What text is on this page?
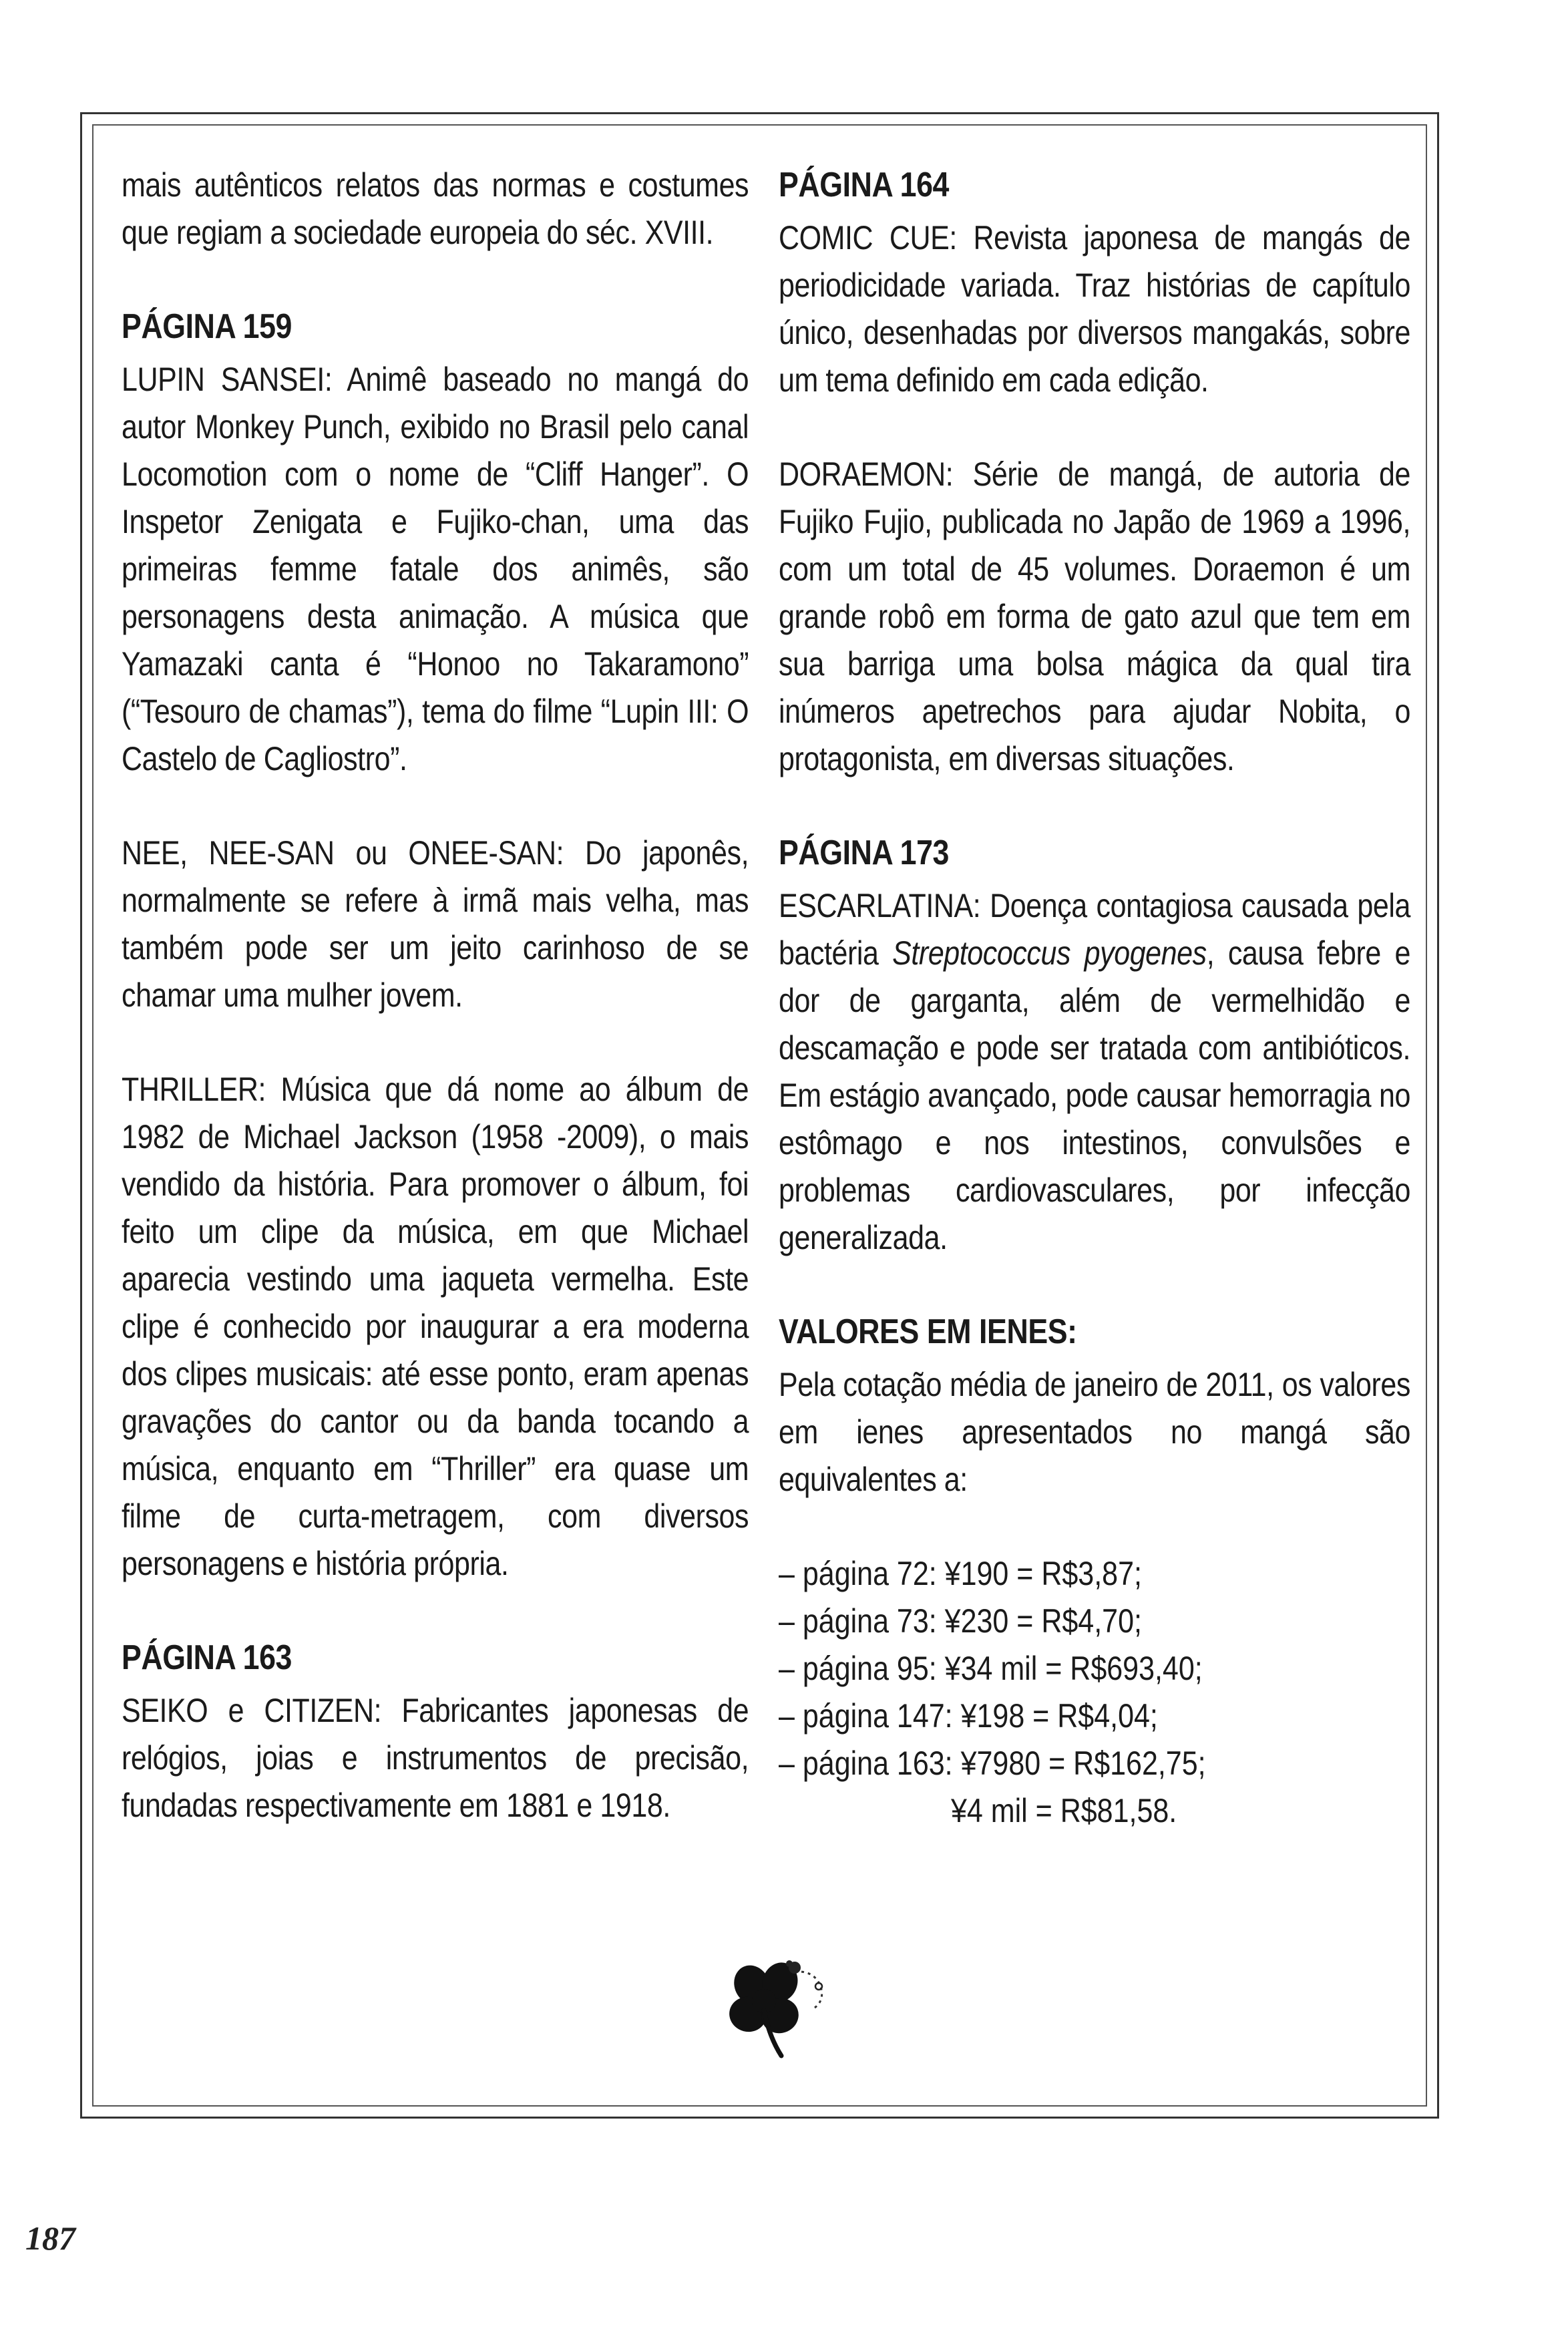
mais autênticos relatos das normas e costumes que regiam a sociedade europeia do séc. XVIII.

PÁGINA 159

LUPIN SANSEI: Animê baseado no mangá do autor Monkey Punch, exibido no Brasil pelo canal Locomotion com o nome de “Cliff Hanger”. O Inspetor Zenigata e Fujiko-chan, uma das primeiras femme fatale dos animês, são personagens desta animação. A música que Yamazaki canta é “Honoo no Takaramono” (“Tesouro de chamas”), tema do filme “Lupin III: O Castelo de Cagliostro”.

NEE, NEE-SAN ou ONEE-SAN: Do japonês, normalmente se refere à irmã mais velha, mas também pode ser um jeito carinhoso de se chamar uma mulher jovem.

THRILLER: Música que dá nome ao álbum de 1982 de Michael Jackson (1958 -2009), o mais vendido da história. Para promover o álbum, foi feito um clipe da música, em que Michael aparecia vestindo uma jaqueta vermelha. Este clipe é conhecido por inaugurar a era moderna dos clipes musicais: até esse ponto, eram apenas gravações do cantor ou da banda tocando a música, enquanto em “Thriller” era quase um filme de curta-metragem, com diversos personagens e história própria.

PÁGINA 163

SEIKO e CITIZEN: Fabricantes japonesas de relógios, joias e instrumentos de precisão, fundadas respectivamente em 1881 e 1918.

PÁGINA 164

COMIC CUE: Revista japonesa de mangás de periodicidade variada. Traz histórias de capítulo único, desenhadas por diversos mangakás, sobre um tema definido em cada edição.

DORAEMON: Série de mangá, de autoria de Fujiko Fujio, publicada no Japão de 1969 a 1996, com um total de 45 volumes. Doraemon é um grande robô em forma de gato azul que tem em sua barriga uma bolsa mágica da qual tira inúmeros apetrechos para ajudar Nobita, o protagonista, em diversas situações.

PÁGINA 173

ESCARLATINA: Doença contagiosa causada pela bactéria Streptococcus pyogenes, causa febre e dor de garganta, além de vermelhidão e descamação e pode ser tratada com antibióticos. Em estágio avançado, pode causar hemorragia no estômago e nos intestinos, convulsões e problemas cardiovasculares, por infecção generalizada.

VALORES EM IENES:

Pela cotação média de janeiro de 2011, os valores em ienes apresentados no mangá são equivalentes a:

– página 72: ¥190 = R$3,87;
– página 73: ¥230 = R$4,70;
– página 95: ¥34 mil = R$693,40;
– página 147: ¥198 = R$4,04;
– página 163: ¥7980 = R$162,75;
¥4 mil = R$81,58.
187
